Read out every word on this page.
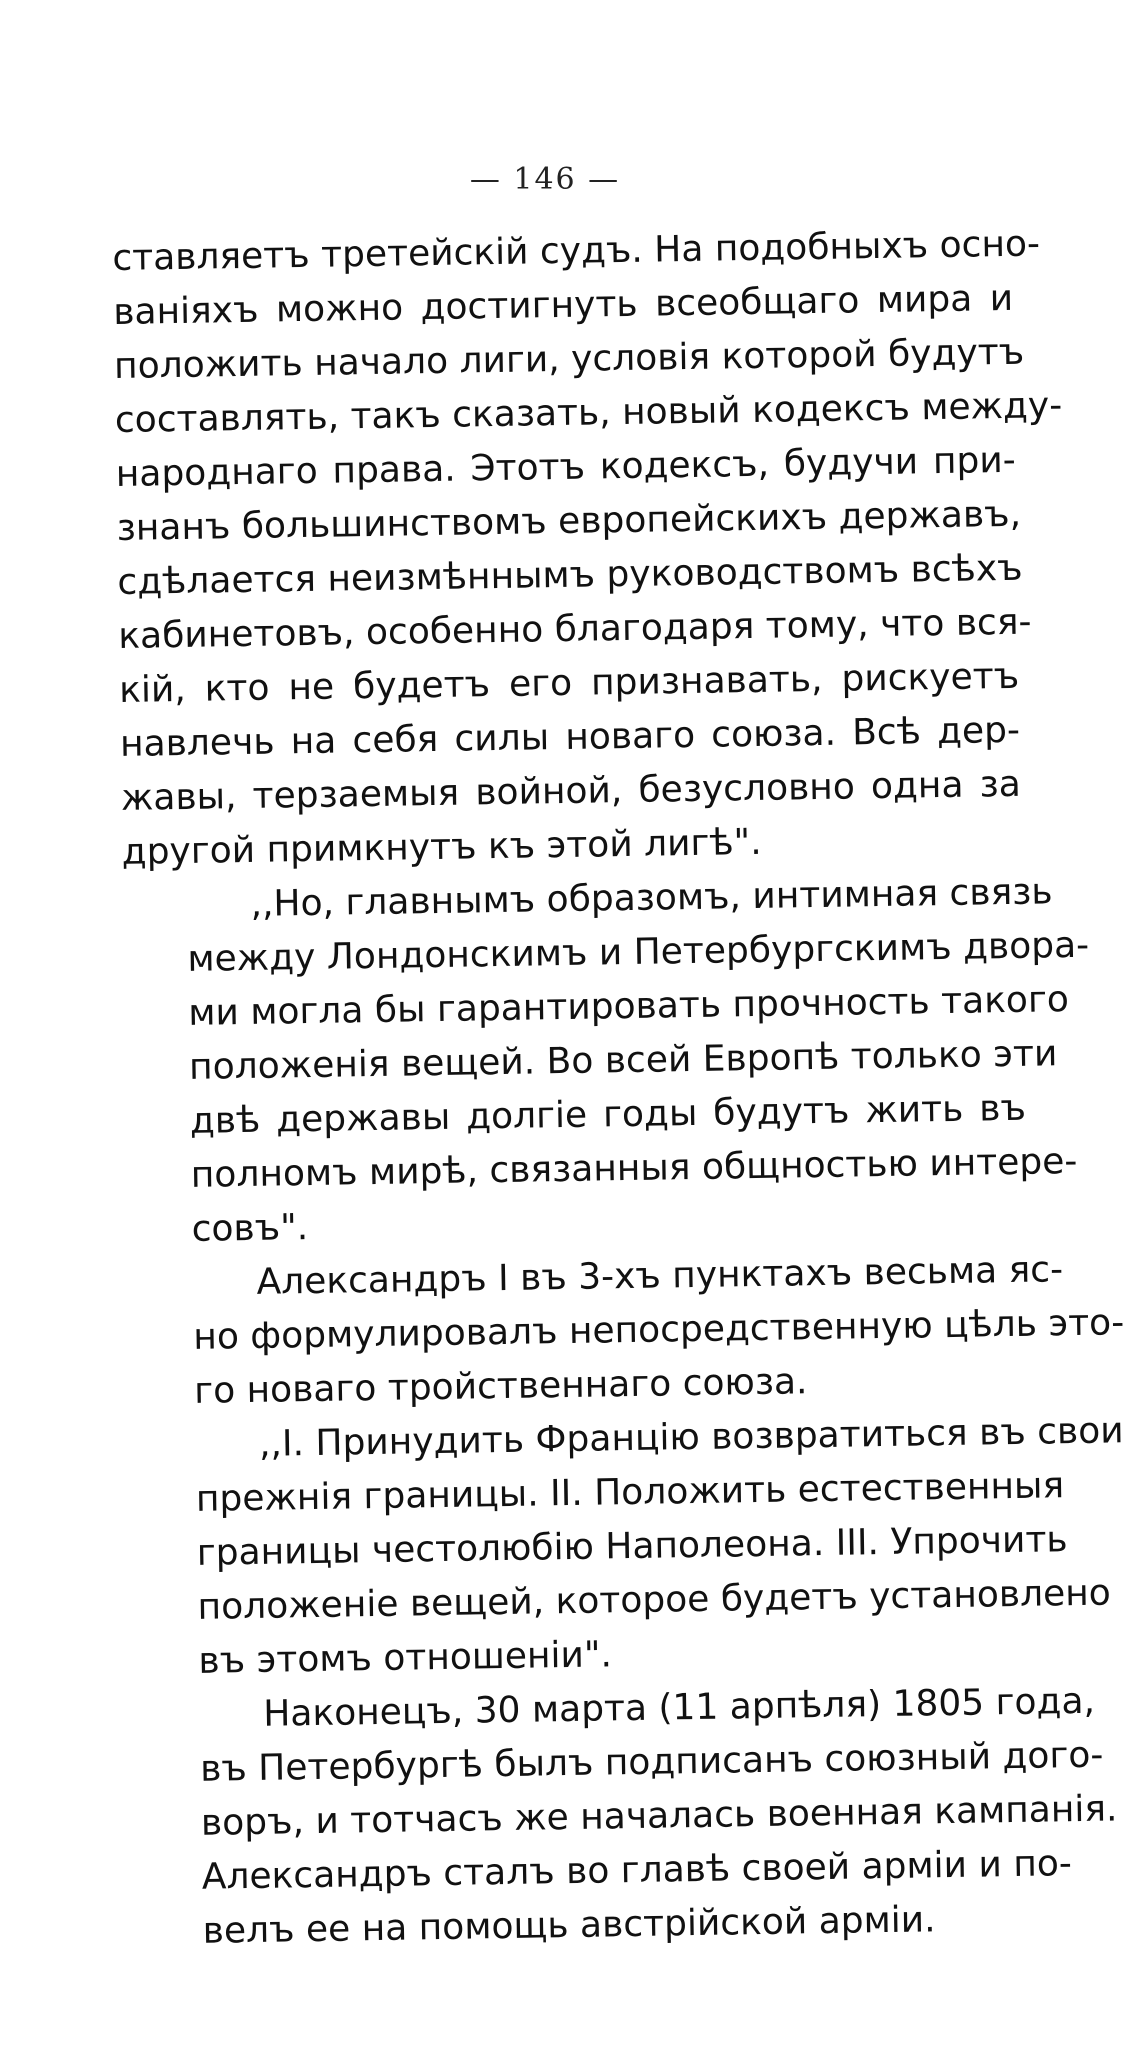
— 146 —
ставляетъ третейскій судъ. На подобныхъ осно-
ваніяхъ можно достигнуть всеобщаго мира и
положить начало лиги, условія которой будутъ
составлять, такъ сказать, новый кодексъ между-
народнаго права. Этотъ кодексъ, будучи при-
знанъ большинствомъ европейскихъ державъ,
сдѣлается неизмѣннымъ руководствомъ всѣхъ
кабинетовъ, особенно благодаря тому, что вся-
кій, кто не будетъ его признавать, рискуетъ
навлечь на себя силы новаго союза. Всѣ дер-
жавы, терзаемыя войной, безусловно одна за
другой примкнутъ къ этой лигѣ".
,,Но, главнымъ образомъ, интимная связь
между Лондонскимъ и Петербургскимъ двора-
ми могла бы гарантировать прочность такого
положенія вещей. Во всей Европѣ только эти
двѣ державы долгіе годы будутъ жить въ
полномъ мирѣ, связанныя общностью интере-
совъ".
Александръ I въ 3-хъ пунктахъ весьма яс-
но формулировалъ непосредственную цѣль это-
го новаго тройственнаго союза.
,,I. Принудить Францію возвратиться въ свои
прежнія границы. II. Положить естественныя
границы честолюбію Наполеона. III. Упрочить
положеніе вещей, которое будетъ установлено
въ этомъ отношеніи".
Наконецъ, 30 марта (11 арпѣля) 1805 года,
въ Петербургѣ былъ подписанъ союзный дого-
воръ, и тотчасъ же началась военная кампанія.
Александръ сталъ во главѣ своей арміи и по-
велъ ее на помощь австрійской арміи.
